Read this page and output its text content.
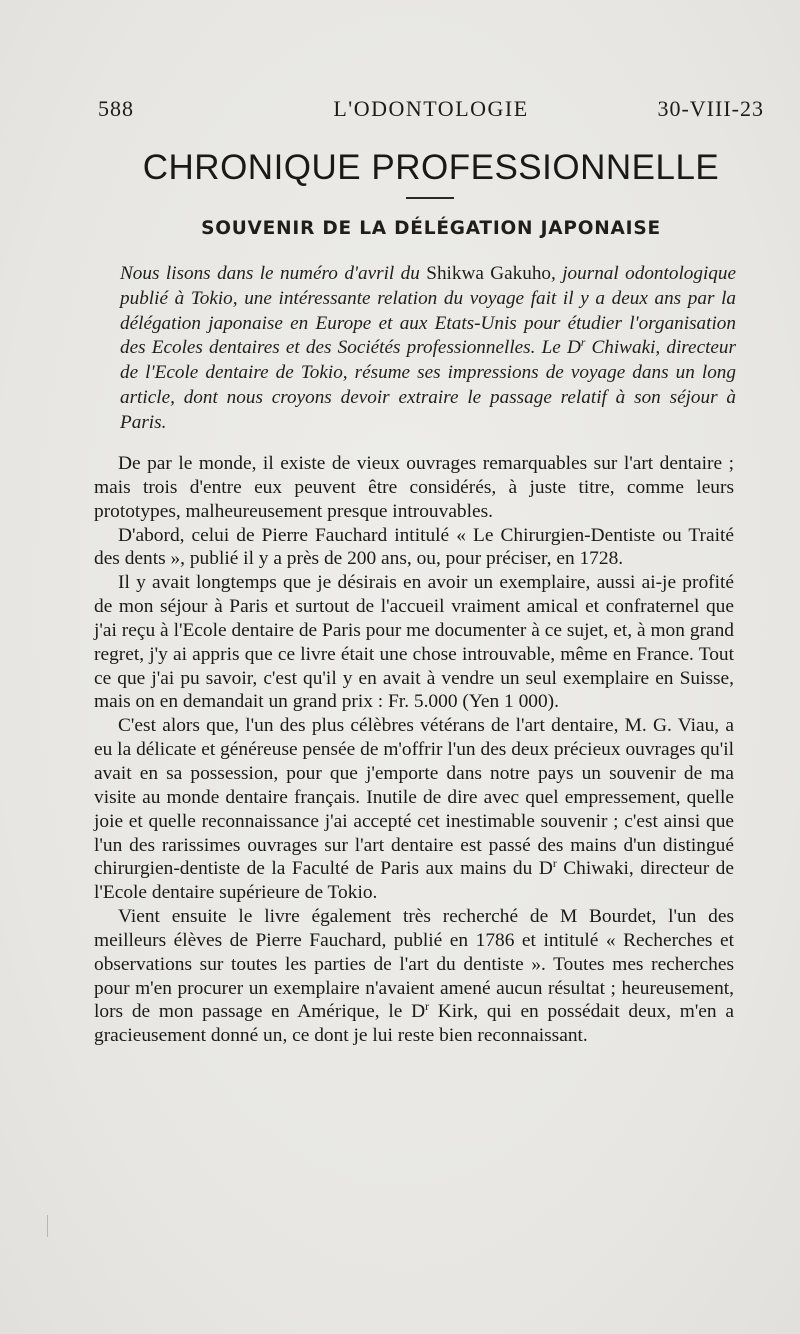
588	L'ODONTOLOGIE	30-VIII-23
CHRONIQUE PROFESSIONNELLE
SOUVENIR DE LA DÉLÉGATION JAPONAISE
Nous lisons dans le numéro d'avril du Shikwa Gakuho, journal odontologique publié à Tokio, une intéressante relation du voyage fait il y a deux ans par la délégation japonaise en Europe et aux Etats-Unis pour étudier l'organisation des Ecoles dentaires et des Sociétés professionnelles. Le $D^r$ Chiwaki, directeur de l'Ecole dentaire de Tokio, résume ses impressions de voyage dans un long article, dont nous croyons devoir extraire le passage relatif à son séjour à Paris.

De par le monde, il existe de vieux ouvrages remarquables sur l'art dentaire ; mais trois d'entre eux peuvent être considérés, à juste titre, comme leurs prototypes, malheureusement presque introuvables.

D'abord, celui de Pierre Fauchard intitulé « Le Chirurgien-Dentiste ou Traité des dents », publié il y a près de 200 ans, ou, pour préciser, en 1728.

Il y avait longtemps que je désirais en avoir un exemplaire, aussi ai-je profité de mon séjour à Paris et surtout de l'accueil vraiment amical et confraternel que j'ai reçu à l'Ecole dentaire de Paris pour me documenter à ce sujet, et, à mon grand regret, j'y ai appris que ce livre était une chose introuvable, même en France. Tout ce que j'ai pu savoir, c'est qu'il y en avait à vendre un seul exemplaire en Suisse, mais on en demandait un grand prix : Fr. 5.000 (Yen 1 000).

C'est alors que, l'un des plus célèbres vétérans de l'art dentaire, M. G. Viau, a eu la délicate et généreuse pensée de m'offrir l'un des deux précieux ouvrages qu'il avait en sa possession, pour que j'emporte dans notre pays un souvenir de ma visite au monde dentaire français. Inutile de dire avec quel empressement, quelle joie et quelle reconnaissance j'ai accepté cet inestimable souvenir ; c'est ainsi que l'un des rarissimes ouvrages sur l'art dentaire est passé des mains d'un distingué chirurgien-dentiste de la Faculté de Paris aux mains du $D^r$ Chiwaki, directeur de l'Ecole dentaire supérieure de Tokio.

Vient ensuite le livre également très recherché de M Bourdet, l'un des meilleurs élèves de Pierre Fauchard, publié en 1786 et intitulé « Recherches et observations sur toutes les parties de l'art du dentiste ». Toutes mes recherches pour m'en procurer un exemplaire n'avaient amené aucun résultat ; heureusement, lors de mon passage en Amérique, le $D^r$ Kirk, qui en possédait deux, m'en a gracieusement donné un, ce dont je lui reste bien reconnaissant.
